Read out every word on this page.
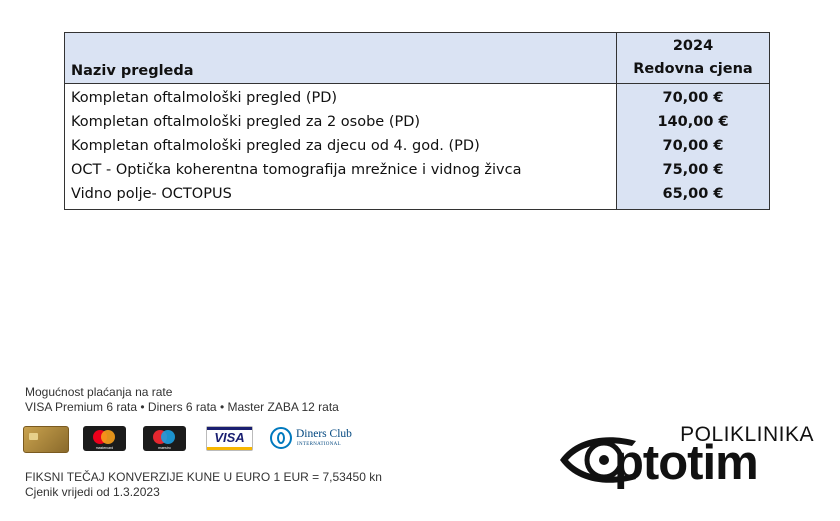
Naziv pregleda	2024
Redovna cjena

Kompletan oftalmološki pregled (PD)	70,00 €
Kompletan oftalmološki pregled za 2 osobe (PD)	140,00 €
Kompletan oftalmološki pregled za djecu od 4. god. (PD)	70,00 €
OCT - Optička koherentna tomografija mrežnice i vidnog živca	75,00 €
Vidno polje- OCTOPUS	65,00 €

Mogućnost plaćanja na rate

VISA Premium 6 rata • Diners 6 rata • Master ZABA 12 rata

mastercard	maestro
VISA	Diners Club
INTERNATIONAL

FIKSNI TEČAJ KONVERZIJE KUNE U EURO 1 EUR = 7,53450 kn

Cjenik vrijedi od 1.3.2023

POLIKLINIKA
ptotim
